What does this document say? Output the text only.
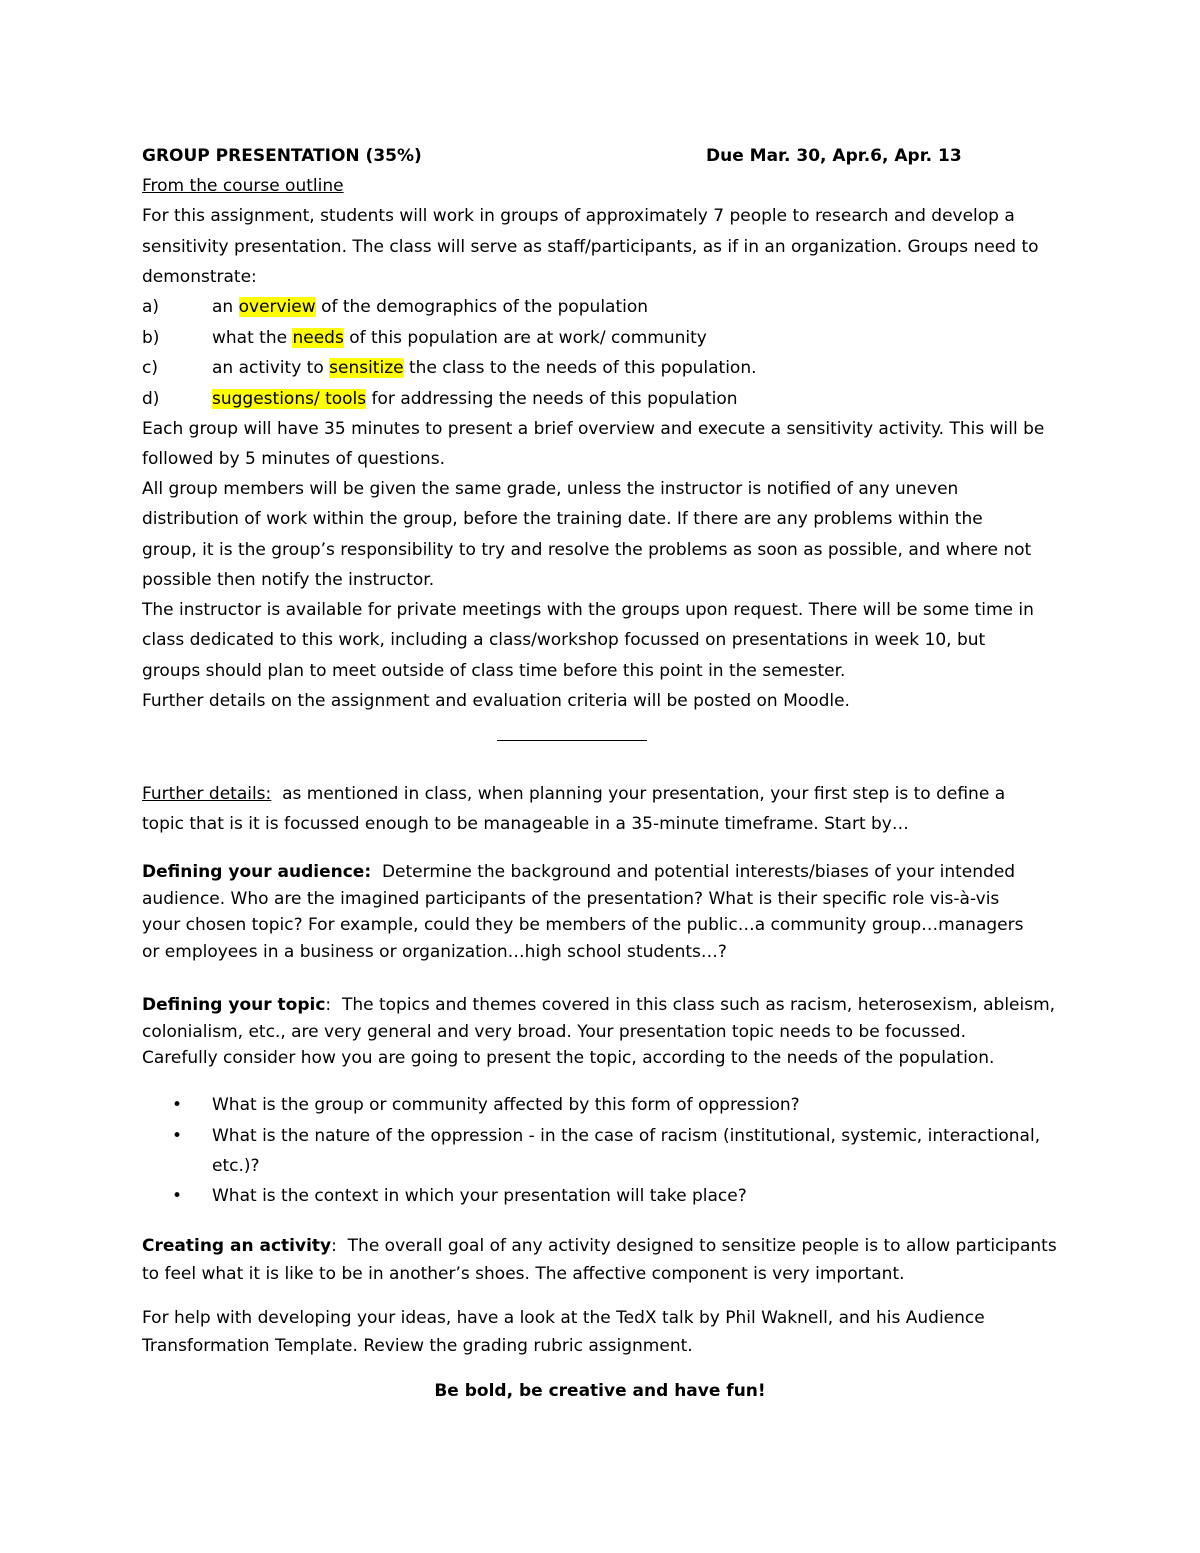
GROUP PRESENTATION (35%)	Due Mar. 30, Apr.6, Apr. 13
From the course outline
For this assignment, students will work in groups of approximately 7 people to research and develop a
sensitivity presentation. The class will serve as staff/participants, as if in an organization. Groups need to
demonstrate:
a)	an overview of the demographics of the population
b)	what the needs of this population are at work/ community
c)	an activity to sensitize the class to the needs of this population.
d)	suggestions/ tools for addressing the needs of this population
Each group will have 35 minutes to present a brief overview and execute a sensitivity activity. This will be
followed by 5 minutes of questions.
All group members will be given the same grade, unless the instructor is notified of any uneven
distribution of work within the group, before the training date. If there are any problems within the
group, it is the group’s responsibility to try and resolve the problems as soon as possible, and where not
possible then notify the instructor.
The instructor is available for private meetings with the groups upon request. There will be some time in
class dedicated to this work, including a class/workshop focussed on presentations in week 10, but
groups should plan to meet outside of class time before this point in the semester.
Further details on the assignment and evaluation criteria will be posted on Moodle.
Further details:  as mentioned in class, when planning your presentation, your first step is to define a
topic that is it is focussed enough to be manageable in a 35-minute timeframe. Start by…
Defining your audience:  Determine the background and potential interests/biases of your intended
audience. Who are the imagined participants of the presentation? What is their specific role vis-à-vis
your chosen topic? For example, could they be members of the public…a community group…managers
or employees in a business or organization…high school students…?
Defining your topic:  The topics and themes covered in this class such as racism, heterosexism, ableism,
colonialism, etc., are very general and very broad. Your presentation topic needs to be focussed.
Carefully consider how you are going to present the topic, according to the needs of the population.
• What is the group or community affected by this form of oppression?
• What is the nature of the oppression - in the case of racism (institutional, systemic, interactional,
etc.)?
• What is the context in which your presentation will take place?
Creating an activity:  The overall goal of any activity designed to sensitize people is to allow participants
to feel what it is like to be in another’s shoes. The affective component is very important.
For help with developing your ideas, have a look at the TedX talk by Phil Waknell, and his Audience
Transformation Template. Review the grading rubric assignment.
Be bold, be creative and have fun!
